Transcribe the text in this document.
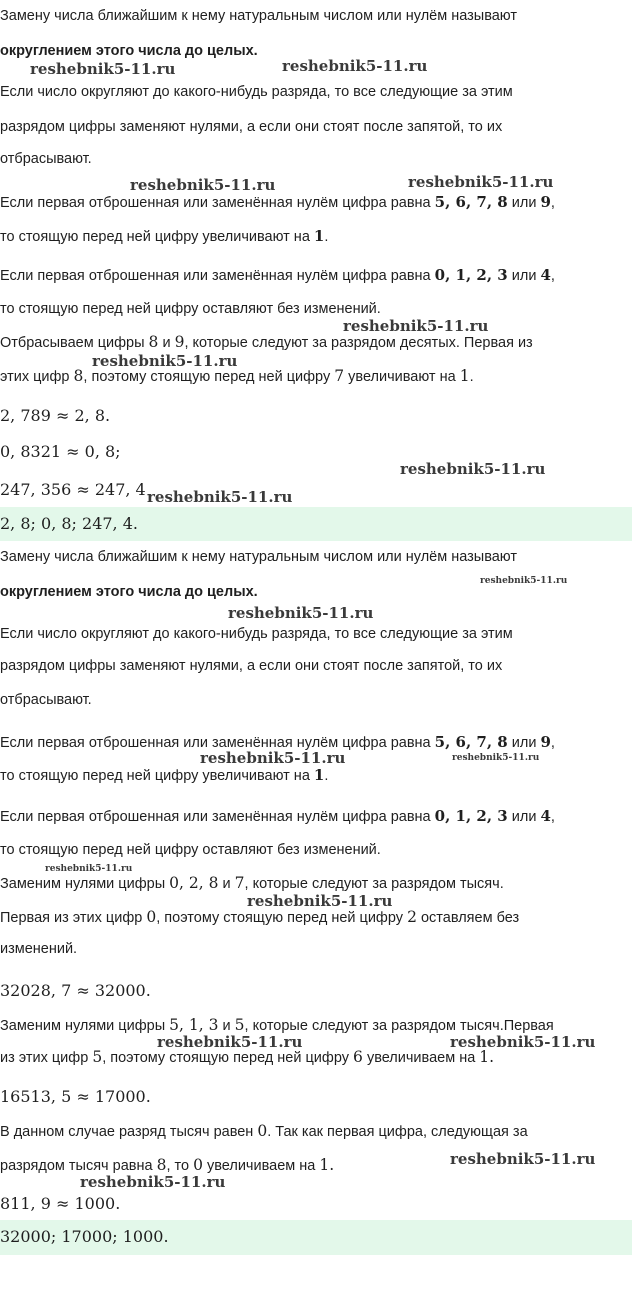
Замену числа ближайшим к нему натуральным числом или нулём называют

округлением этого числа до целых.

reshebnik5-11.ru	reshebnik5-11.ru

Если число округляют до какого-нибудь разряда, то все следующие за этим

разрядом цифры заменяют нулями, а если они стоят после запятой, то их

отбрасывают.

reshebnik5-11.ru	reshebnik5-11.ru

Если первая отброшенная или заменённая нулём цифра равна 5, 6, 7, 8 или 9,

то стоящую перед ней цифру увеличивают на 1.

Если первая отброшенная или заменённая нулём цифра равна 0, 1, 2, 3 или 4,

то стоящую перед ней цифру оставляют без изменений.

reshebnik5-11.ru

Отбрасываем цифры 8 и 9, которые следуют за разрядом десятых. Первая из

reshebnik5-11.ru

этих цифр 8, поэтому стоящую перед ней цифру 7 увеличивают на 1.

2, 789 ≈ 2, 8.

0, 8321 ≈ 0, 8;

reshebnik5-11.ru

247, 356 ≈ 247, 4 reshebnik5-11.ru
2, 8; 0, 8; 247, 4.

Замену числа ближайшим к нему натуральным числом или нулём называют

reshebnik5-11.ru

округлением этого числа до целых.

reshebnik5-11.ru

Если число округляют до какого-нибудь разряда, то все следующие за этим

разрядом цифры заменяют нулями, а если они стоят после запятой, то их

отбрасывают.

Если первая отброшенная или заменённая нулём цифра равна 5, 6, 7, 8 или 9,

reshebnik5-11.ru	reshebnik5-11.ru

то стоящую перед ней цифру увеличивают на 1.

Если первая отброшенная или заменённая нулём цифра равна 0, 1, 2, 3 или 4,

то стоящую перед ней цифру оставляют без изменений.

reshebnik5-11.ru

Заменим нулями цифры 0, 2, 8 и 7, которые следуют за разрядом тысяч.

reshebnik5-11.ru

Первая из этих цифр 0, поэтому стоящую перед ней цифру 2 оставляем без

изменений.

32028, 7 ≈ 32000.

Заменим нулями цифры 5, 1, 3 и 5, которые следуют за разрядом тысяч.Первая

reshebnik5-11.ru	reshebnik5-11.ru

из этих цифр 5, поэтому стоящую перед ней цифру 6 увеличиваем на 1.

16513, 5 ≈ 17000.

В данном случае разряд тысяч равен 0. Так как первая цифра, следующая за

reshebnik5-11.ru

разрядом тысяч равна 8, то 0 увеличиваем на 1.

reshebnik5-11.ru

811, 9 ≈ 1000.

32000; 17000; 1000.
